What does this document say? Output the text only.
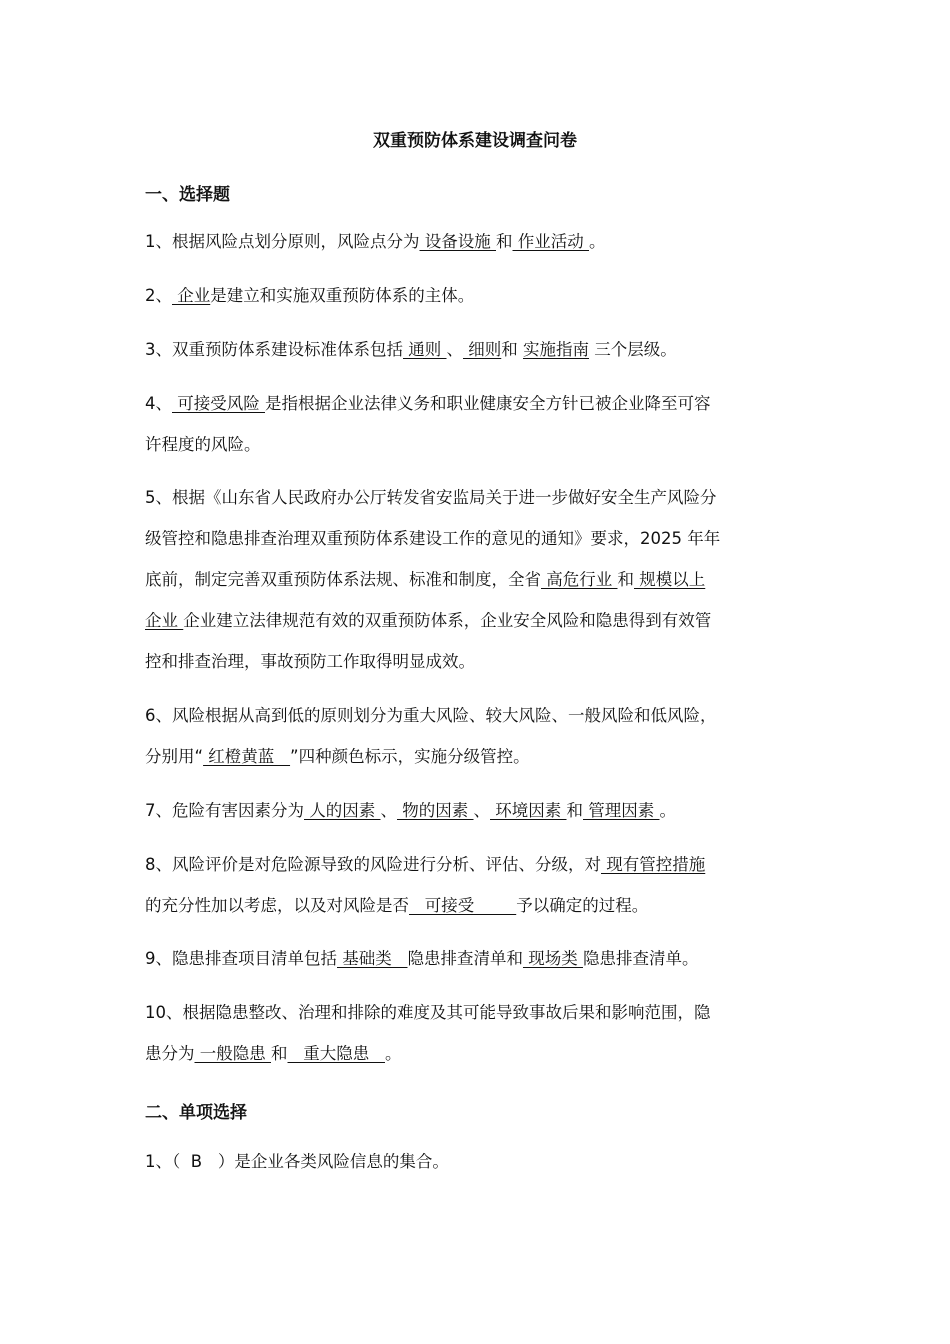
双重预防体系建设调查问卷
一、选择题
1、根据风险点划分原则，风险点分为 设备设施 和 作业活动 。
2、 企业是建立和实施双重预防体系的主体。
3、双重预防体系建设标准体系包括 通则 、 细则和 实施指南 三个层级。
4、 可接受风险 是指根据企业法律义务和职业健康安全方针已被企业降至可容
许程度的风险。
5、根据《山东省人民政府办公厅转发省安监局关于进一步做好安全生产风险分
级管控和隐患排查治理双重预防体系建设工作的意见的通知》要求，2025 年年
底前，制定完善双重预防体系法规、标准和制度，全省 高危行业 和 规模以上
企业 企业建立法律规范有效的双重预防体系，企业安全风险和隐患得到有效管
控和排查治理，事故预防工作取得明显成效。
6、风险根据从高到低的原则划分为重大风险、较大风险、一般风险和低风险，
分别用“ 红橙黄蓝   ”四种颜色标示，实施分级管控。
7、危险有害因素分为 人的因素 、 物的因素 、 环境因素 和 管理因素 。
8、风险评价是对危险源导致的风险进行分析、评估、分级，对 现有管控措施
的充分性加以考虑，以及对风险是否   可接受        予以确定的过程。
9、隐患排查项目清单包括 基础类   隐患排查清单和 现场类 隐患排查清单。
10、根据隐患整改、治理和排除的难度及其可能导致事故后果和影响范围，隐
患分为 一般隐患 和   重大隐患   。
二、单项选择
1、（  B   ）是企业各类风险信息的集合。
